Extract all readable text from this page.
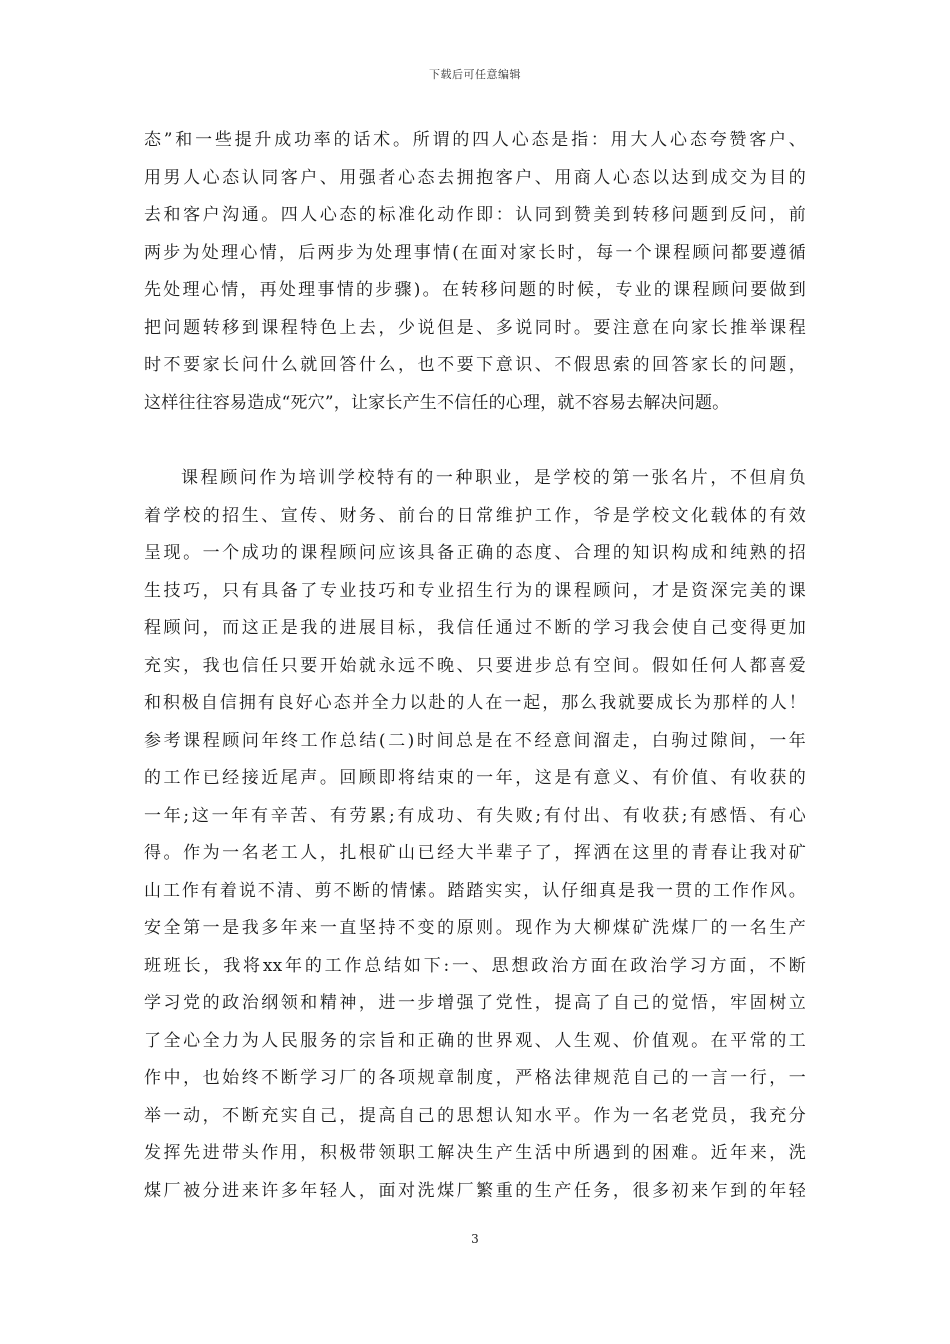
下载后可任意编辑
态”和一些提升成功率的话术。所谓的四人心态是指：用大人心态夸赞客户、
用男人心态认同客户、用强者心态去拥抱客户、用商人心态以达到成交为目的
去和客户沟通。四人心态的标准化动作即：认同到赞美到转移问题到反问，前
两步为处理心情，后两步为处理事情(在面对家长时，每一个课程顾问都要遵循
先处理心情，再处理事情的步骤)。在转移问题的时候，专业的课程顾问要做到
把问题转移到课程特色上去，少说但是、多说同时。要注意在向家长推举课程
时不要家长问什么就回答什么，也不要下意识、不假思索的回答家长的问题，
这样往往容易造成“死穴”，让家长产生不信任的心理，就不容易去解决问题。
课程顾问作为培训学校特有的一种职业，是学校的第一张名片，不但肩负
着学校的招生、宣传、财务、前台的日常维护工作，爷是学校文化载体的有效
呈现。一个成功的课程顾问应该具备正确的态度、合理的知识构成和纯熟的招
生技巧，只有具备了专业技巧和专业招生行为的课程顾问，才是资深完美的课
程顾问，而这正是我的进展目标，我信任通过不断的学习我会使自己变得更加
充实，我也信任只要开始就永远不晚、只要进步总有空间。假如任何人都喜爱
和积极自信拥有良好心态并全力以赴的人在一起，那么我就要成长为那样的人！
参考课程顾问年终工作总结(二)时间总是在不经意间溜走，白驹过隙间，一年
的工作已经接近尾声。回顾即将结束的一年，这是有意义、有价值、有收获的
一年;这一年有辛苦、有劳累;有成功、有失败;有付出、有收获;有感悟、有心
得。作为一名老工人，扎根矿山已经大半辈子了，挥洒在这里的青春让我对矿
山工作有着说不清、剪不断的情愫。踏踏实实，认仔细真是我一贯的工作作风。
安全第一是我多年来一直坚持不变的原则。现作为大柳煤矿洗煤厂的一名生产
班班长，我将xx年的工作总结如下:一、思想政治方面在政治学习方面，不断
学习党的政治纲领和精神，进一步增强了党性，提高了自己的觉悟，牢固树立
了全心全力为人民服务的宗旨和正确的世界观、人生观、价值观。在平常的工
作中，也始终不断学习厂的各项规章制度，严格法律规范自己的一言一行，一
举一动，不断充实自己，提高自己的思想认知水平。作为一名老党员，我充分
发挥先进带头作用，积极带领职工解决生产生活中所遇到的困难。近年来，洗
煤厂被分进来许多年轻人，面对洗煤厂繁重的生产任务，很多初来乍到的年轻
3
